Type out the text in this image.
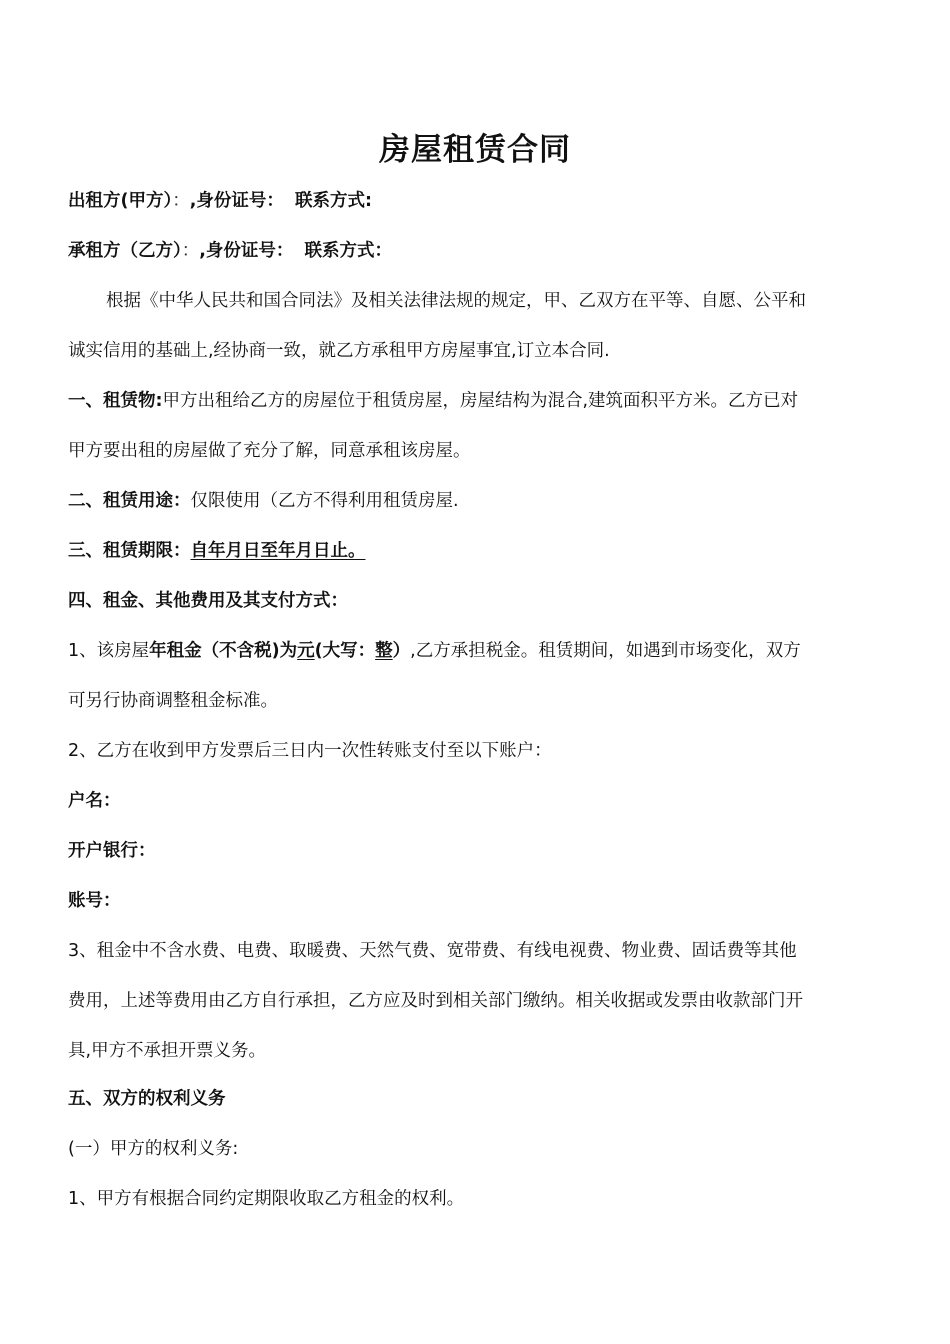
房屋租赁合同
出租方(甲方）：,身份证号： 联系方式:
承租方（乙方）：,身份证号： 联系方式：
根据《中华人民共和国合同法》及相关法律法规的规定，甲、乙双方在平等、自愿、公平和
诚实信用的基础上,经协商一致，就乙方承租甲方房屋事宜,订立本合同.
一、租赁物:甲方出租给乙方的房屋位于租赁房屋，房屋结构为混合,建筑面积平方米。乙方已对
甲方要出租的房屋做了充分了解，同意承租该房屋。
二、租赁用途：仅限使用（乙方不得利用租赁房屋.
三、租赁期限：自年月日至年月日止。
四、租金、其他费用及其支付方式：
1、该房屋年租金（不含税)为元(大写：整）,乙方承担税金。租赁期间，如遇到市场变化，双方
可另行协商调整租金标准。
2、乙方在收到甲方发票后三日内一次性转账支付至以下账户：
户名：
开户银行：
账号：
3、租金中不含水费、电费、取暖费、天然气费、宽带费、有线电视费、物业费、固话费等其他
费用，上述等费用由乙方自行承担，乙方应及时到相关部门缴纳。相关收据或发票由收款部门开
具,甲方不承担开票义务。
五、双方的权利义务
(一）甲方的权利义务:
1、甲方有根据合同约定期限收取乙方租金的权利。
